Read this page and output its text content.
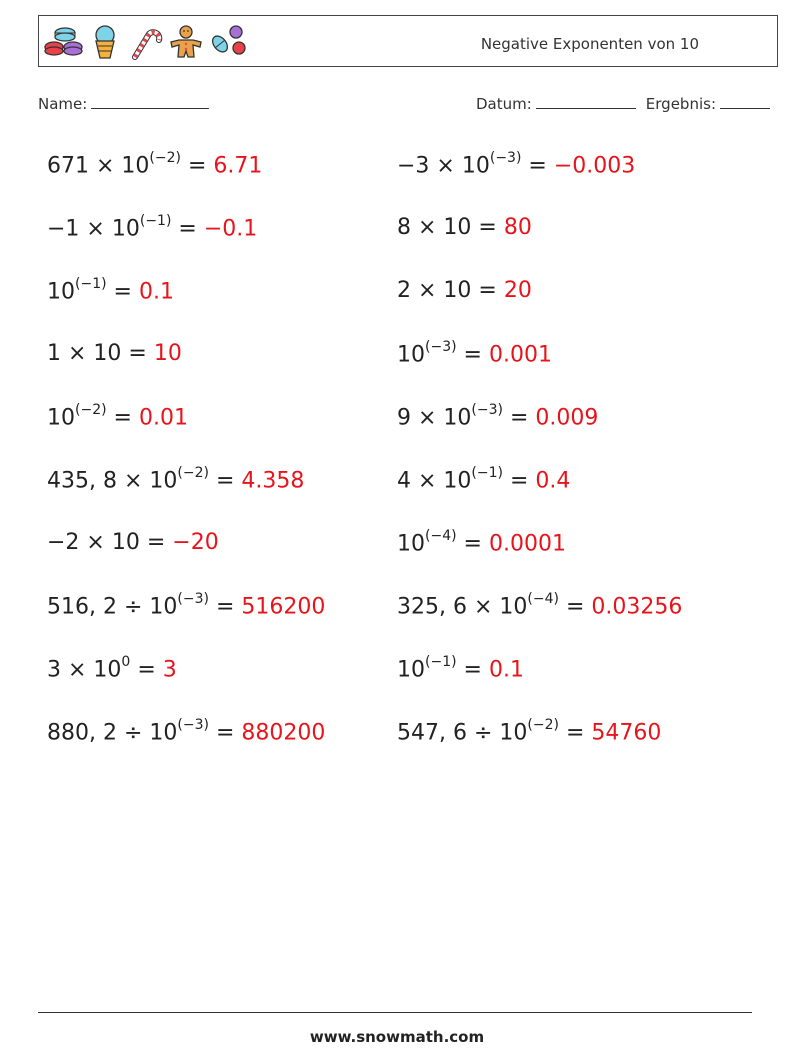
Negative Exponenten von 10
Name:	Datum:	Ergebnis:
$671 \times 10^{(-2)} = 6.71$	$-3 \times 10^{(-3)} = -0.003$
$-1 \times 10^{(-1)} = -0.1$	8 × 10 = 80
$10^{(-1)} = 0.1$	2 × 10 = 20
1 × 10 = 10	$10^{(-3)} = 0.001$
$10^{(-2)} = 0.01$	$9 \times 10^{(-3)} = 0.009$
435, $8 \times 10^{(-2)} = 4.358$	$4 \times 10^{(-1)} = 0.4$
−2 × 10 = −20	$10^{(-4)} = 0.0001$
516, $2 \div 10^{(-3)} = 516200$	325, $6 \times 10^{(-4)} = 0.03256$
$3 \times 10^0 = 3$	$10^{(-1)} = 0.1$
880, $2 \div 10^{(-3)} = 880200$	547, $6 \div 10^{(-2)} = 54760$
www.snowmath.com
